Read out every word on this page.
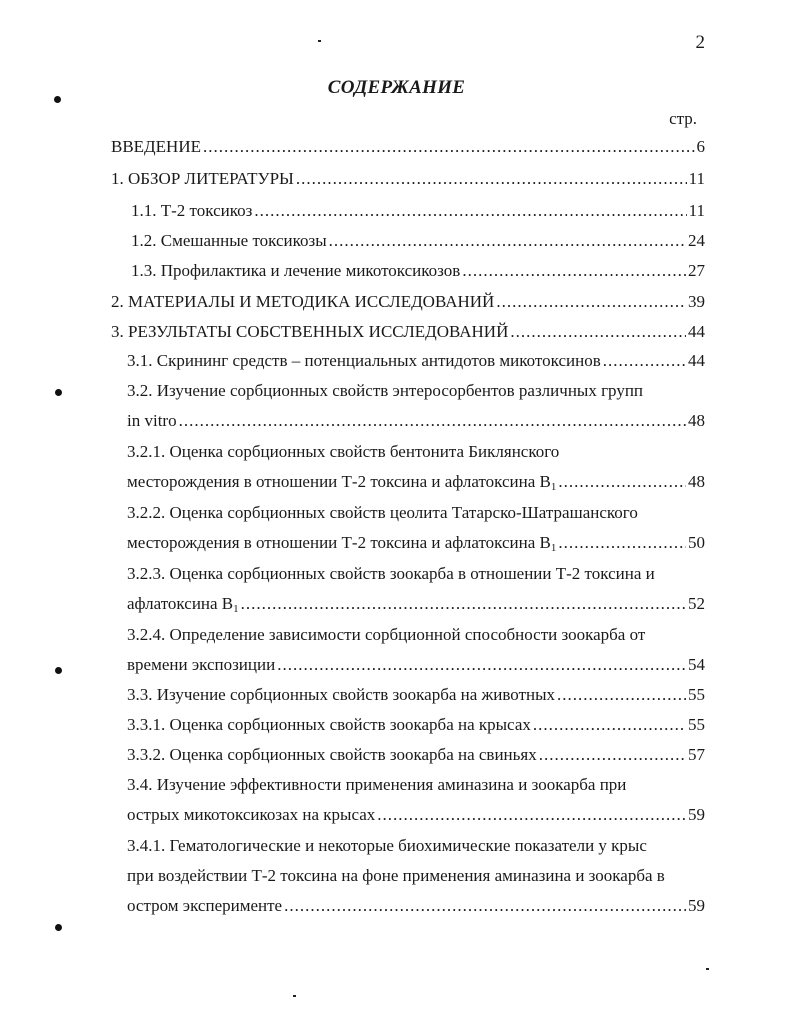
2
СОДЕРЖАНИЕ
стр.
ВВЕДЕНИЕ .....	6
1. ОБЗОР ЛИТЕРАТУРЫ .....	11
1.1. Т-2 токсикоз .....	11
1.2. Смешанные токсикозы .....	24
1.3. Профилактика и лечение микотоксикозов .....	27
2. МАТЕРИАЛЫ И МЕТОДИКА ИССЛЕДОВАНИЙ .....	39
3. РЕЗУЛЬТАТЫ СОБСТВЕННЫХ ИССЛЕДОВАНИЙ .....	44
3.1. Скрининг средств – потенциальных антидотов микотоксинов .....	44
3.2. Изучение сорбционных свойств энтеросорбентов различных групп
in vitro .....	48
3.2.1. Оценка сорбционных свойств бентонита Биклянского
месторождения в отношении Т-2 токсина и афлатоксина $В_1$ .....	48
3.2.2. Оценка сорбционных свойств цеолита Татарско-Шатрашанского
месторождения в отношении Т-2 токсина и афлатоксина $В_1$ .....	50
3.2.3. Оценка сорбционных свойств зоокарба в отношении Т-2 токсина и
афлатоксина $В_1$ .....	52
3.2.4. Определение зависимости сорбционной способности зоокарба от
времени экспозиции .....	54
3.3. Изучение сорбционных свойств зоокарба на животных .....	55
3.3.1. Оценка сорбционных свойств зоокарба на крысах .....	55
3.3.2. Оценка сорбционных свойств зоокарба на свиньях .....	57
3.4. Изучение эффективности применения аминазина и зоокарба при
острых микотоксикозах на крысах .....	59
3.4.1. Гематологические и некоторые биохимические показатели у крыс
при воздействии Т-2 токсина на фоне применения аминазина и зоокарба в
остром эксперименте .....	59
